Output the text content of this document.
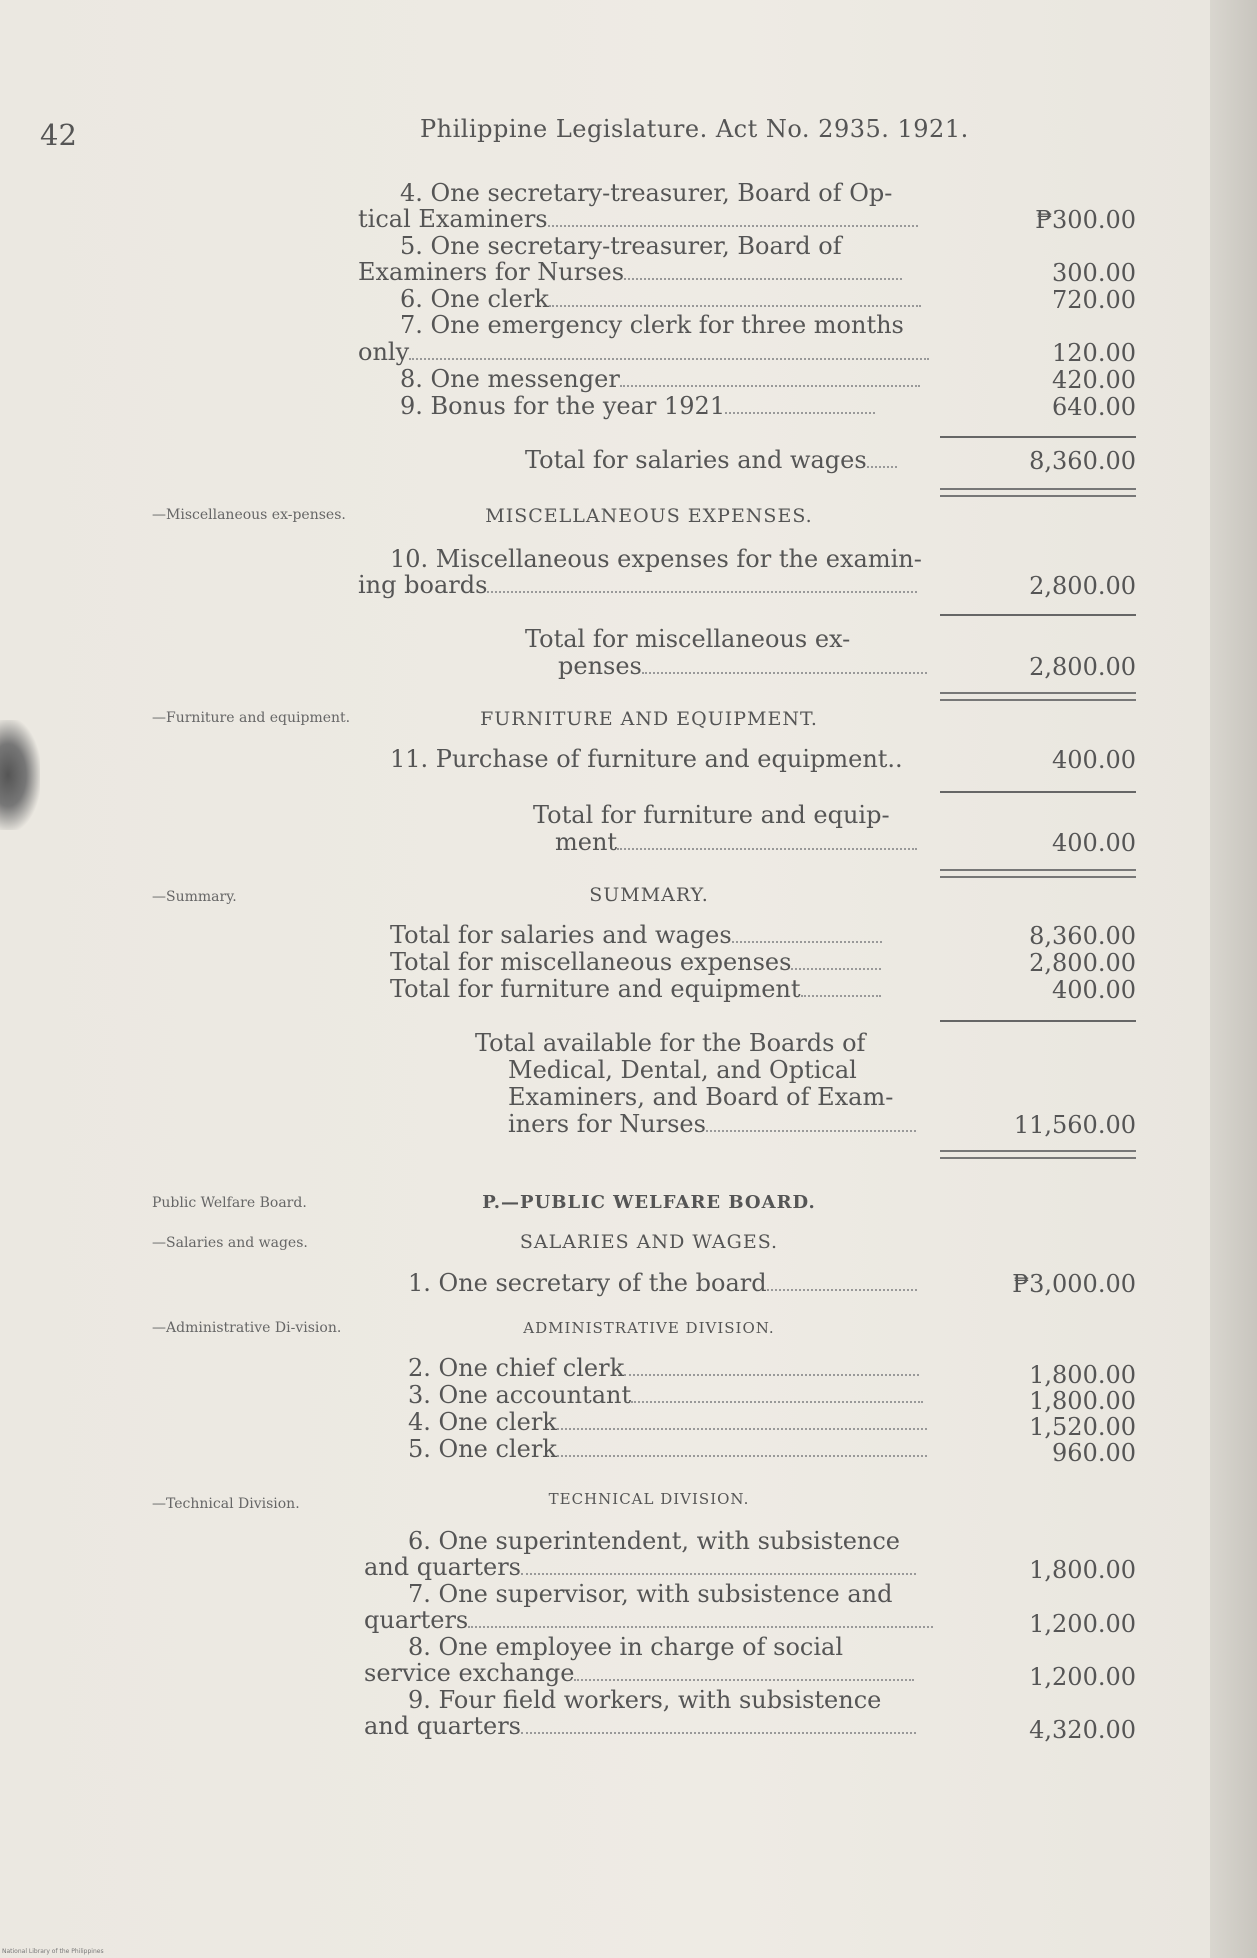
42	Philippine Legislature. Act No. 2935. 1921.
4. One secretary-treasurer, Board of Op-
tical Examiners	₱300.00
5. One secretary-treasurer, Board of
Examiners for Nurses	300.00
6. One clerk	720.00
7. One emergency clerk for three months
only	120.00
8. One messenger	420.00
9. Bonus for the year 1921	640.00
Total for salaries and wages	8,360.00
—Miscellaneous ex-penses.	MISCELLANEOUS EXPENSES.
10. Miscellaneous expenses for the examin-
ing boards	2,800.00
Total for miscellaneous ex-
penses	2,800.00
—Furniture and equipment.	FURNITURE AND EQUIPMENT.
11. Purchase of furniture and equipment..	400.00
Total for furniture and equip-
ment	400.00
—Summary.	SUMMARY.
Total for salaries and wages	8,360.00
Total for miscellaneous expenses	2,800.00
Total for furniture and equipment	400.00
Total available for the Boards of
Medical, Dental, and Optical
Examiners, and Board of Exam-
iners for Nurses	11,560.00
Public Welfare Board.	P.—PUBLIC WELFARE BOARD.
—Salaries and wages.	SALARIES AND WAGES.
1. One secretary of the board	₱3,000.00
—Administrative Di-vision.	ADMINISTRATIVE DIVISION.
2. One chief clerk	1,800.00
3. One accountant	1,800.00
4. One clerk	1,520.00
5. One clerk	960.00
—Technical Division.	TECHNICAL DIVISION.
6. One superintendent, with subsistence
and quarters	1,800.00
7. One supervisor, with subsistence and
quarters	1,200.00
8. One employee in charge of social
service exchange	1,200.00
9. Four field workers, with subsistence
and quarters	4,320.00
National Library of the Philippines
